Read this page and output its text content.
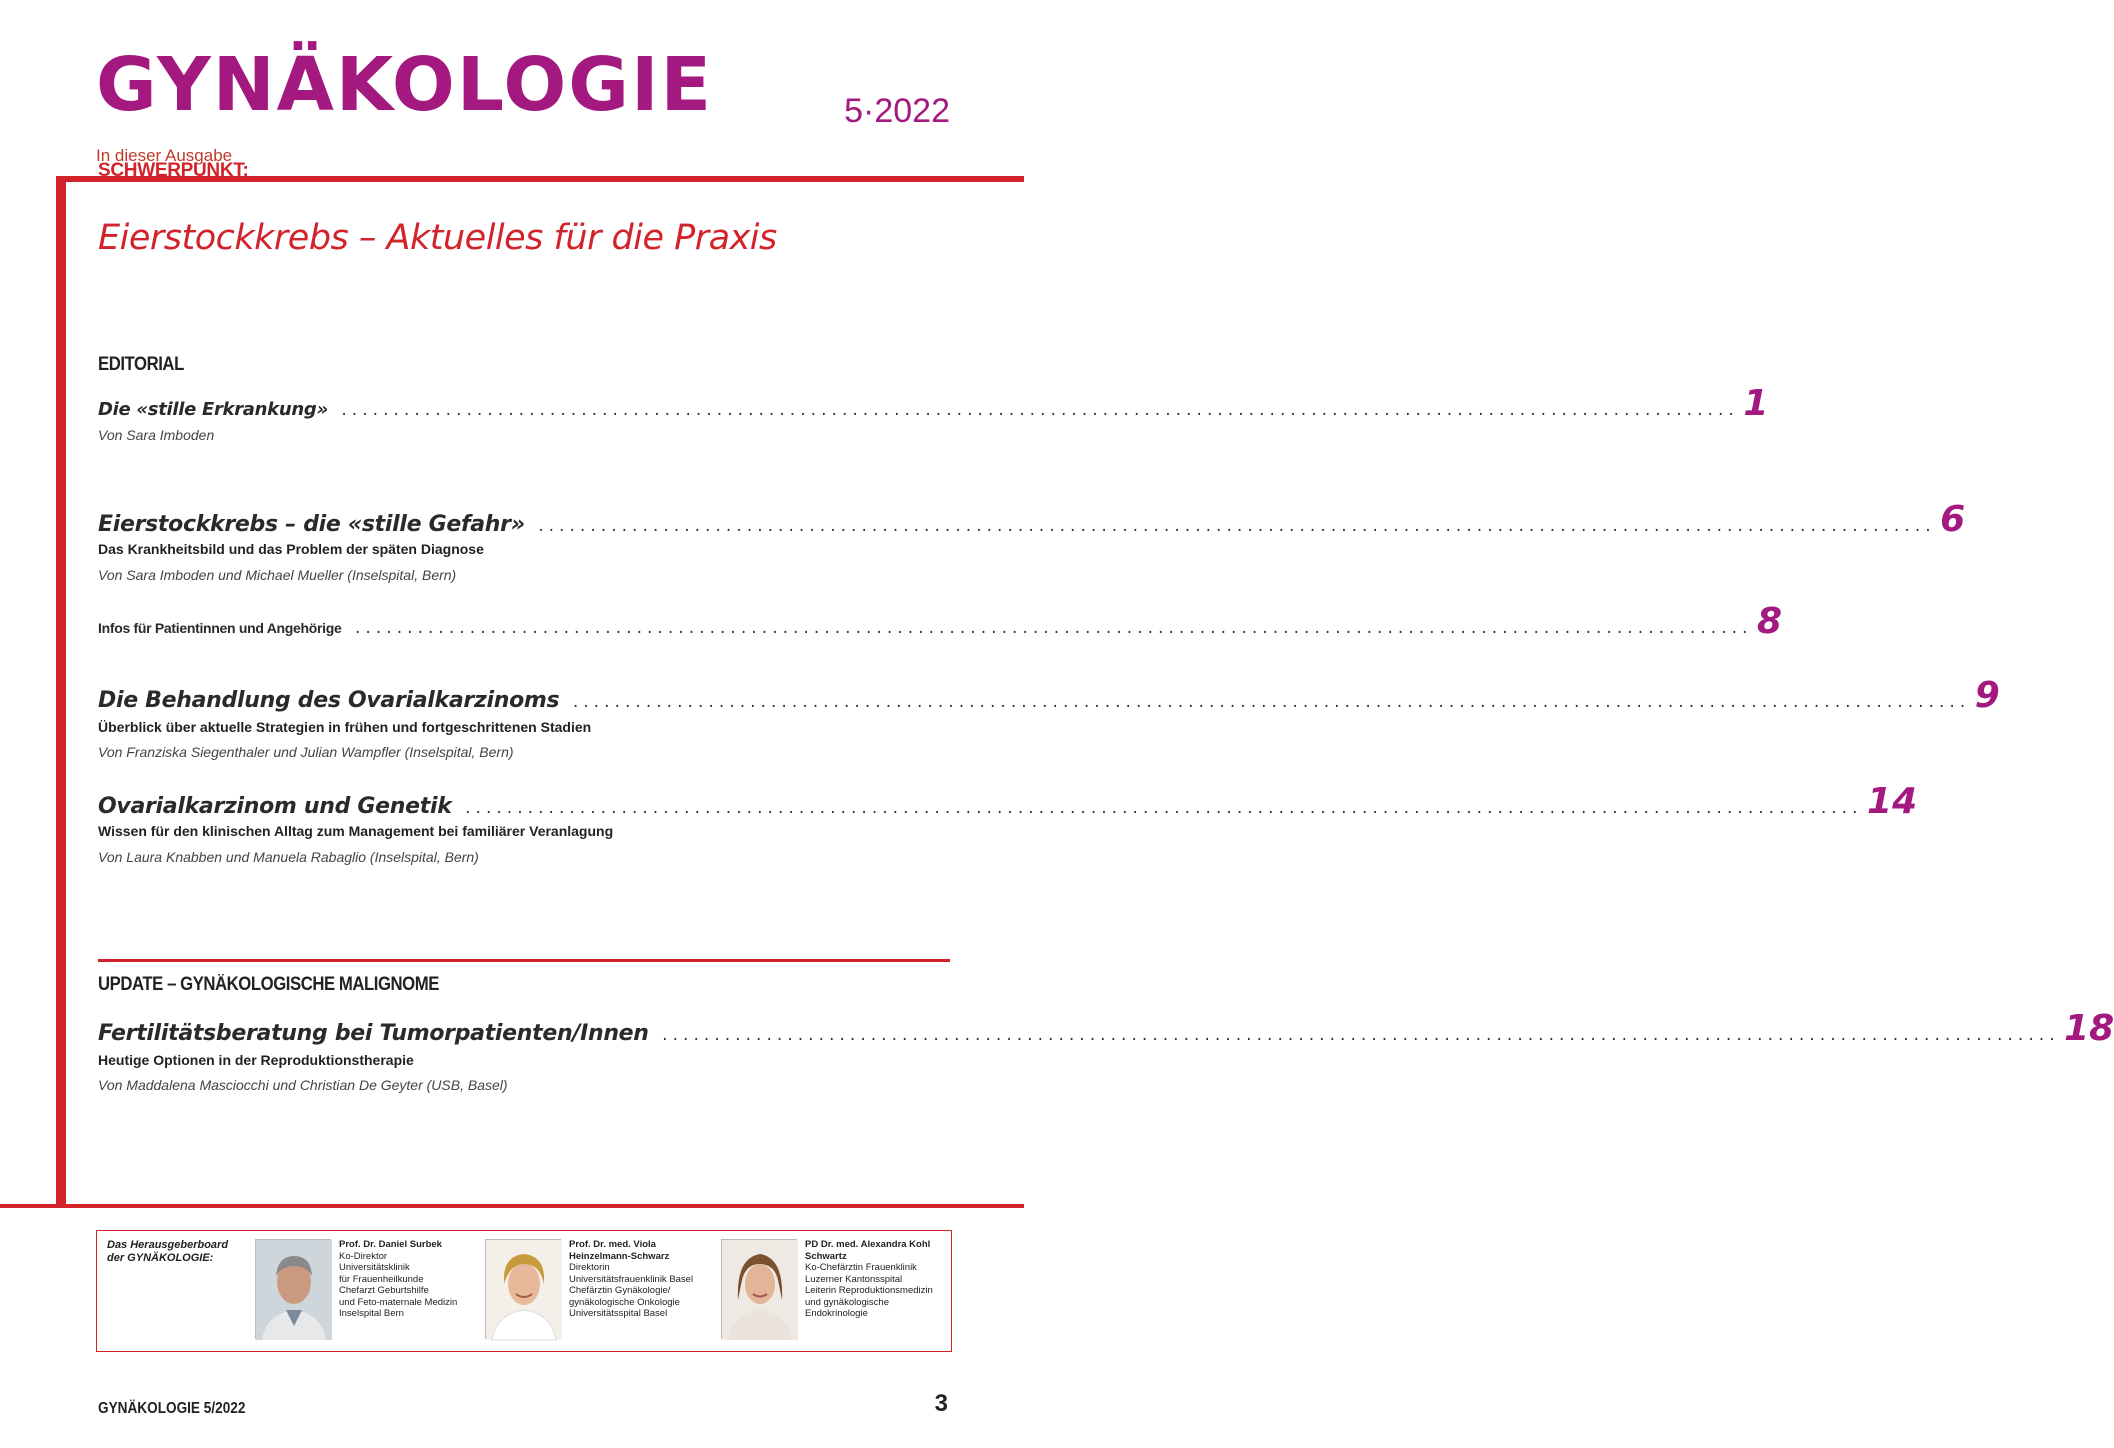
GYNÄKOLOGIE	5·2022
In dieser Ausgabe
SCHWERPUNKT:
Eierstockkrebs – Aktuelles für die Praxis
EDITORIAL
Die «stille Erkrankung» ...................................................................................................................................... 1
Von Sara Imboden
Eierstockkrebs – die «stille Gefahr» ...................................................................................................................................... 6
Das Krankheitsbild und das Problem der späten Diagnose
Von Sara Imboden und Michael Mueller (Inselspital, Bern)
Infos für Patientinnen und Angehörige ...................................................................................................................................... 8
Die Behandlung des Ovarialkarzinoms ...................................................................................................................................... 9
Überblick über aktuelle Strategien in frühen und fortgeschrittenen Stadien
Von Franziska Siegenthaler und Julian Wampfler (Inselspital, Bern)
Ovarialkarzinom und Genetik ...................................................................................................................................... 14
Wissen für den klinischen Alltag zum Management bei familiärer Veranlagung
Von Laura Knabben und Manuela Rabaglio (Inselspital, Bern)
UPDATE – GYNÄKOLOGISCHE MALIGNOME
Fertilitätsberatung bei Tumorpatienten/Innen ...................................................................................................................................... 18
Heutige Optionen in der Reproduktionstherapie
Von Maddalena Masciocchi und Christian De Geyter (USB, Basel)
Das Herausgeberboard der GYNÄKOLOGIE:
Prof. Dr. Daniel Surbek
Ko-Direktor
Universitätsklinik
für Frauenheilkunde
Chefarzt Geburtshilfe
und Feto-maternale Medizin
Inselspital Bern
Prof. Dr. med. Viola Heinzelmann-Schwarz
Direktorin
Universitätsfrauenklinik Basel
Chefärztin Gynäkologie/
gynäkologische Onkologie
Universitätsspital Basel
PD Dr. med. Alexandra Kohl Schwartz
Ko-Chefärztin Frauenklinik
Luzerner Kantonsspital
Leiterin Reproduktionsmedizin
und gynäkologische
Endokrinologie
GYNÄKOLOGIE 5/2022	3
